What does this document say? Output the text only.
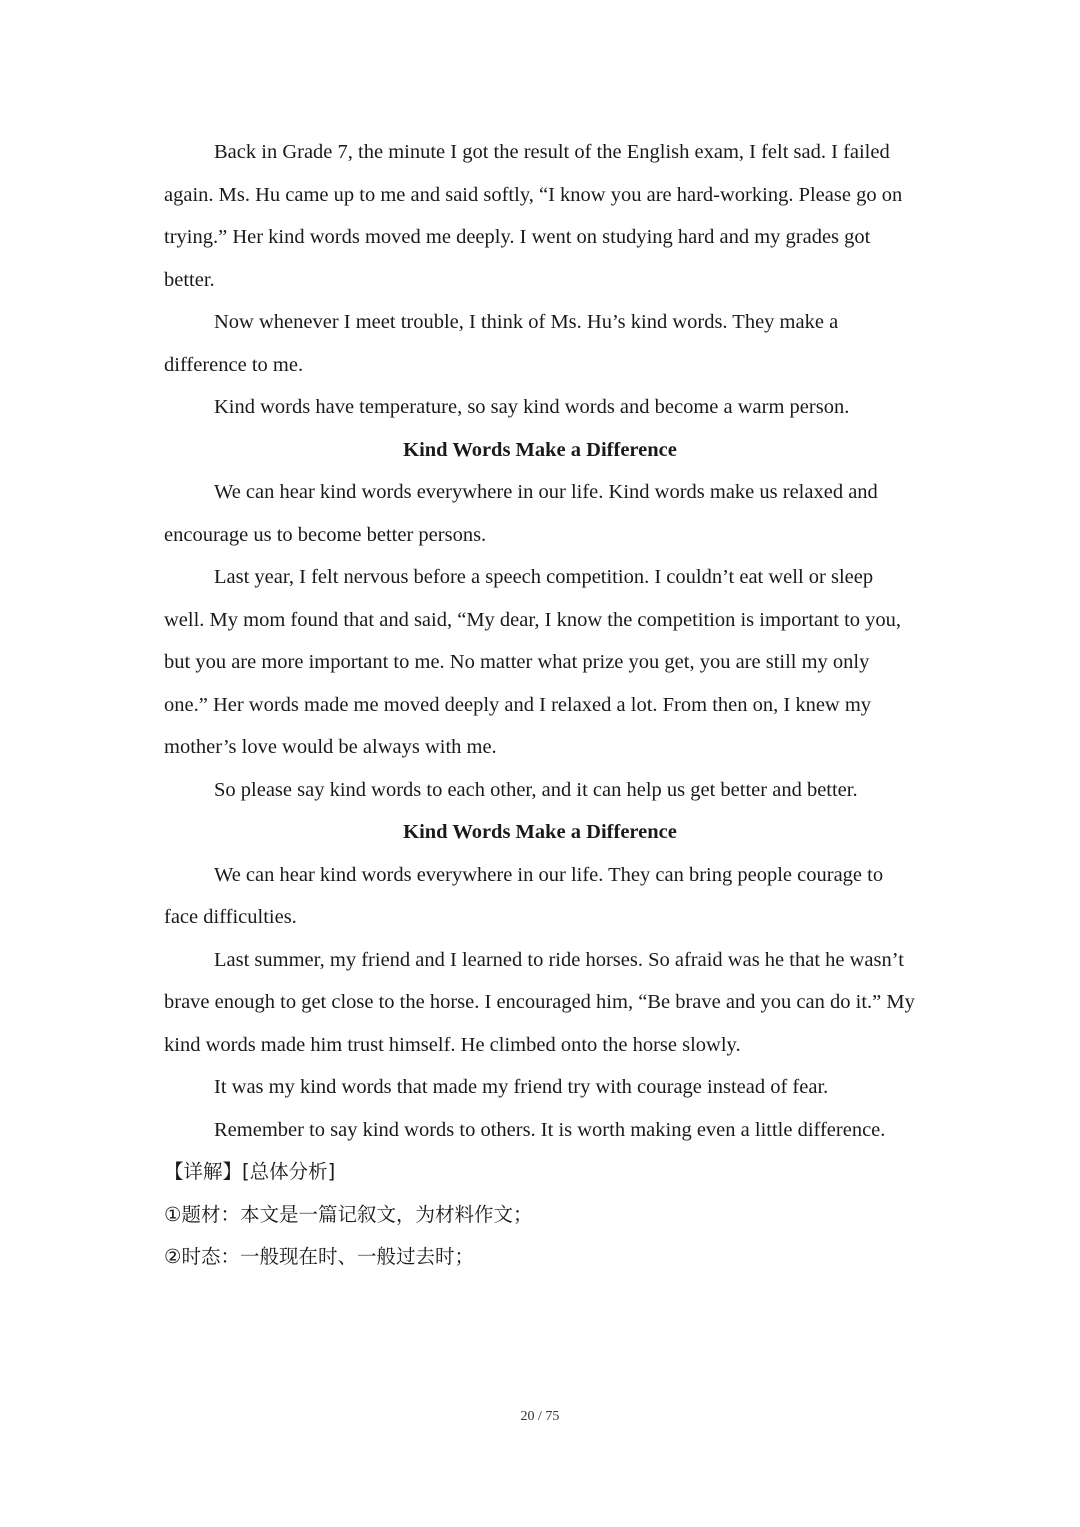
Back in Grade 7, the minute I got the result of the English exam, I felt sad. I failed again. Ms. Hu came up to me and said softly, “I know you are hard-working. Please go on trying.” Her kind words moved me deeply. I went on studying hard and my grades got better.

Now whenever I meet trouble, I think of Ms. Hu’s kind words. They make a difference to me.

Kind words have temperature, so say kind words and become a warm person.

Kind Words Make a Difference

We can hear kind words everywhere in our life. Kind words make us relaxed and encourage us to become better persons.

Last year, I felt nervous before a speech competition. I couldn’t eat well or sleep well. My mom found that and said, “My dear, I know the competition is important to you, but you are more important to me. No matter what prize you get, you are still my only one.” Her words made me moved deeply and I relaxed a lot. From then on, I knew my mother’s love would be always with me.

So please say kind words to each other, and it can help us get better and better.

Kind Words Make a Difference

We can hear kind words everywhere in our life. They can bring people courage to face difficulties.

Last summer, my friend and I learned to ride horses. So afraid was he that he wasn’t brave enough to get close to the horse. I encouraged him, “Be brave and you can do it.” My kind words made him trust himself. He climbed onto the horse slowly.

It was my kind words that made my friend try with courage instead of fear.

Remember to say kind words to others. It is worth making even a little difference.

【详解】[总体分析]

①题材：本文是一篇记叙文，为材料作文；

②时态：一般现在时、一般过去时；

20 / 75
